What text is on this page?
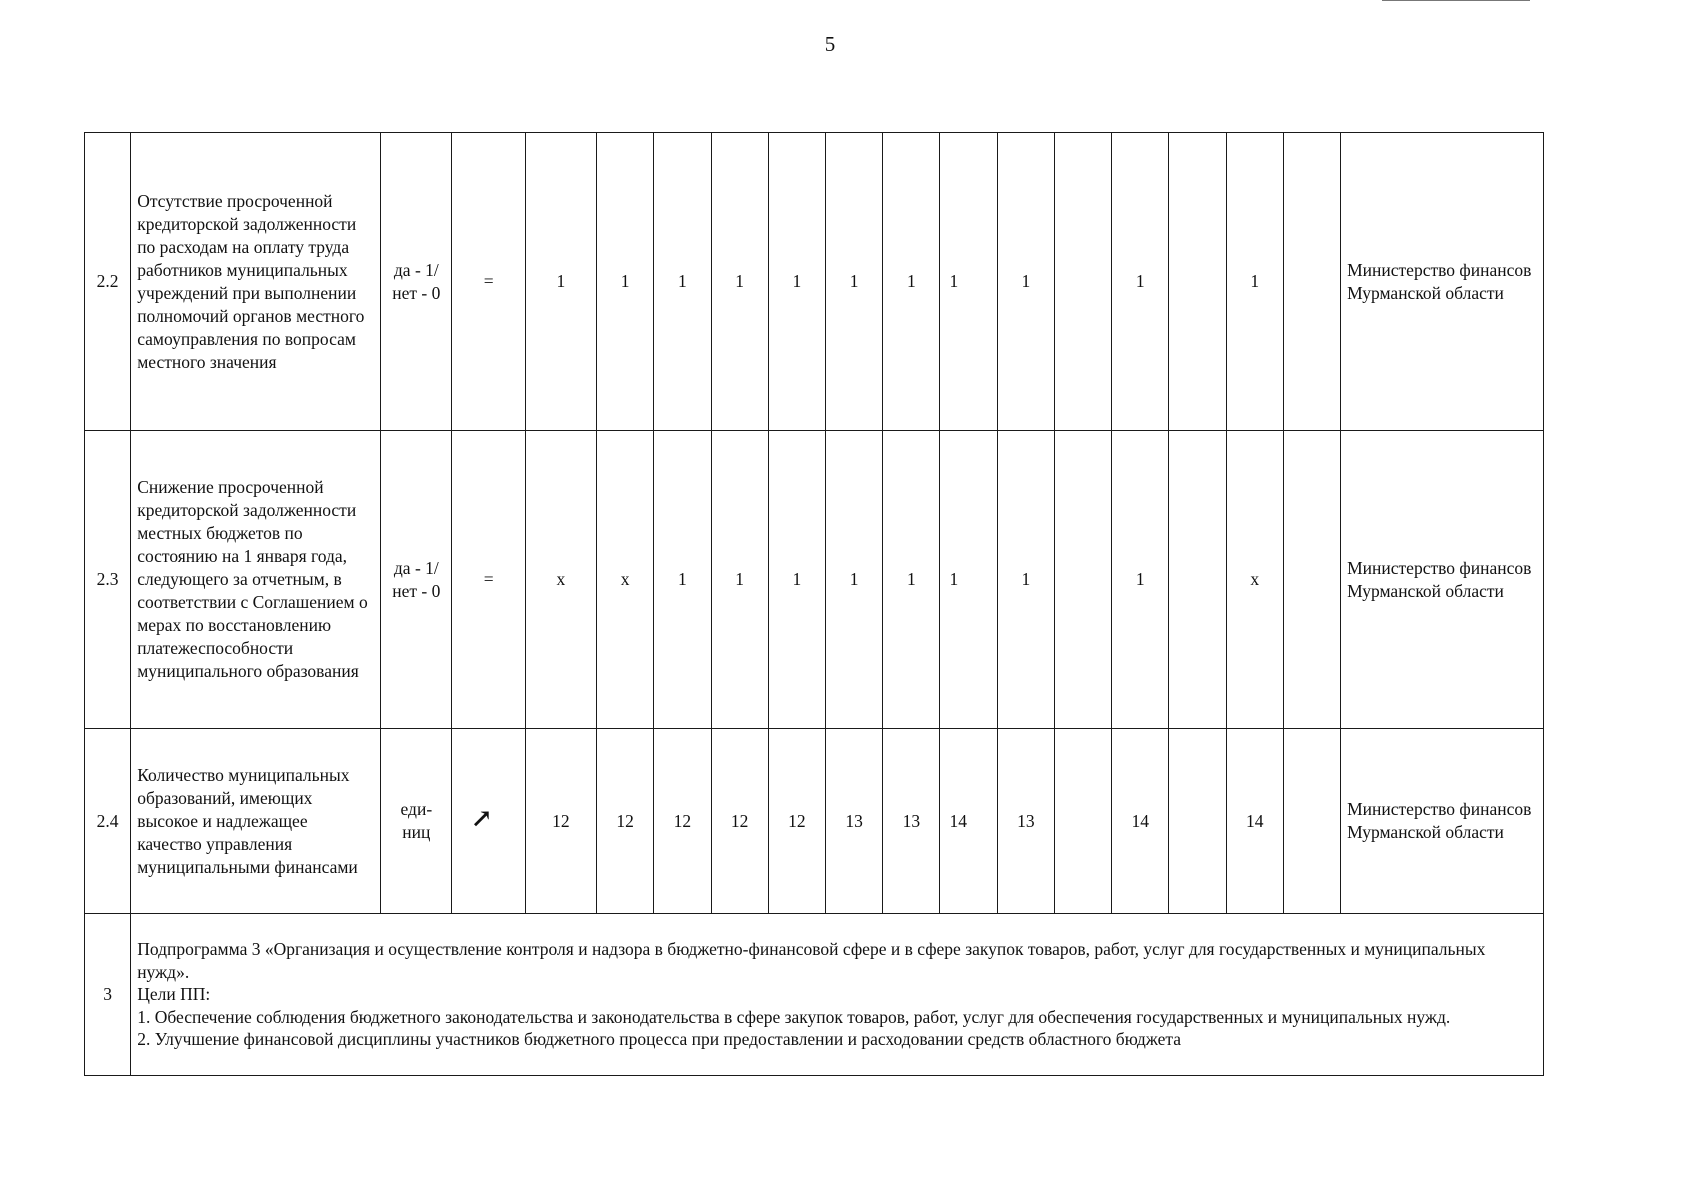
5
2.2	Отсутствие просроченной кредиторской задолженности по расходам на оплату труда работников муниципальных учреждений при выполнении полномочий органов местного самоуправления по вопросам местного значения	да - 1/нет - 0	=	1	1	1	1	1	1	1	1	1		1		1		Министерство финансов Мурманской области
2.3	Снижение просроченной кредиторской задолженности местных бюджетов по состоянию на 1 января года, следующего за отчетным, в соответствии с Соглашением о мерах по восстановлению платежеспособности муниципального образования	да - 1/нет - 0	=	x	x	1	1	1	1	1	1	1		1		x		Министерство финансов Мурманской области
2.4	Количество муниципальных образований, имеющих высокое и надлежащее качество управления муниципальными финансами	еди-ниц	↗	12	12	12	12	12	13	13	14	13		14		14		Министерство финансов Мурманской области
3	Подпрограмма 3 «Организация и осуществление контроля и надзора в бюджетно-финансовой сфере и в сфере закупок товаров, работ, услуг для государственных и муниципальных нужд».
Цели ПП:
1. Обеспечение соблюдения бюджетного законодательства и законодательства в сфере закупок товаров, работ, услуг для обеспечения государственных и муниципальных нужд.
2. Улучшение финансовой дисциплины участников бюджетного процесса при предоставлении и расходовании средств областного бюджета																	
